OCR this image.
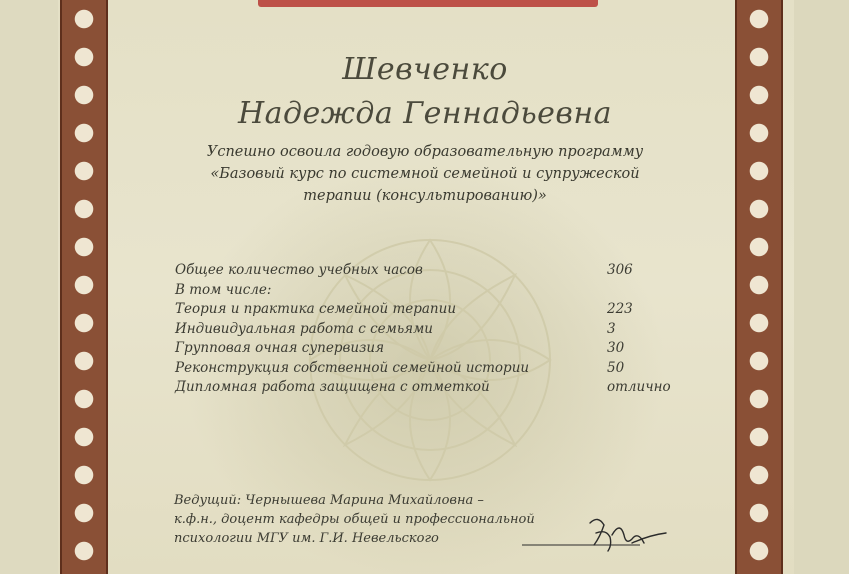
Шевченко
Надежда Геннадьевна
Успешно освоила годовую образовательную программу
«Базовый курс по системной семейной и супружеской
терапии (консультированию)»
Общее количество учебных часов	306
В том числе:
Теория и практика семейной терапии	223
Индивидуальная работа с семьями	3
Групповая очная супервизия	30
Реконструкция собственной семейной истории	50
Дипломная работа защищена с отметкой	отлично
Ведущий: Чернышева Марина Михайловна –
к.ф.н., доцент кафедры общей и профессиональной
психологии МГУ им. Г.И. Невельского
